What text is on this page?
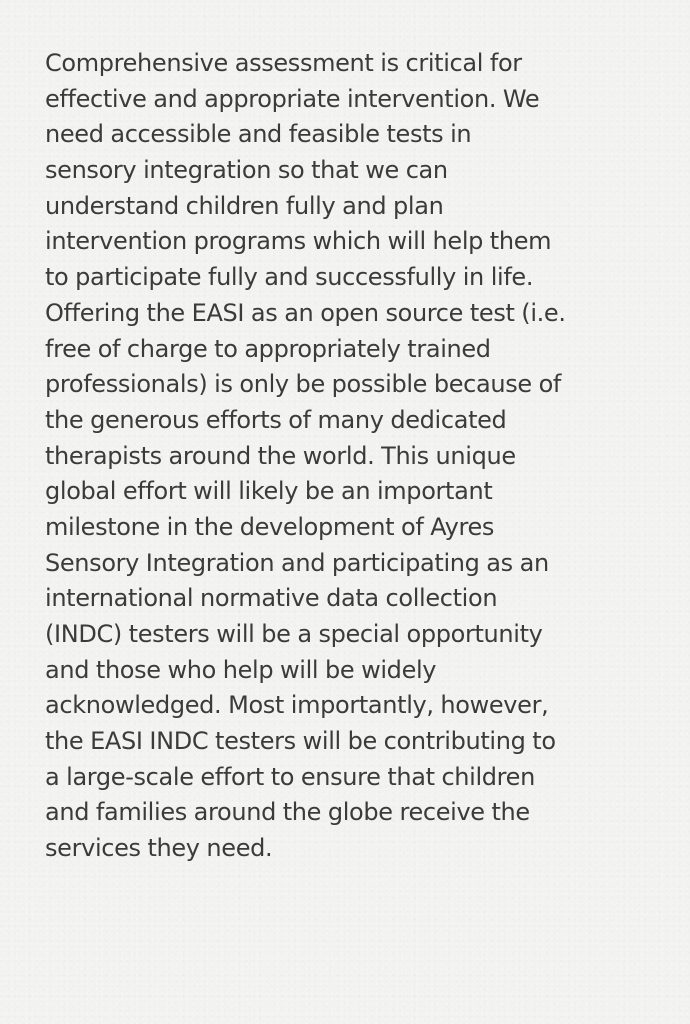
Comprehensive assessment is critical for
effective and appropriate intervention. We
need accessible and feasible tests in
sensory integration so that we can
understand children fully and plan
intervention programs which will help them
to participate fully and successfully in life.
Offering the EASI as an open source test (i.e.
free of charge to appropriately trained
professionals) is only be possible because of
the generous efforts of many dedicated
therapists around the world. This unique
global effort will likely be an important
milestone in the development of Ayres
Sensory Integration and participating as an
international normative data collection
(INDC) testers will be a special opportunity
and those who help will be widely
acknowledged. Most importantly, however,
the EASI INDC testers will be contributing to
a large-scale effort to ensure that children
and families around the globe receive the
services they need.
